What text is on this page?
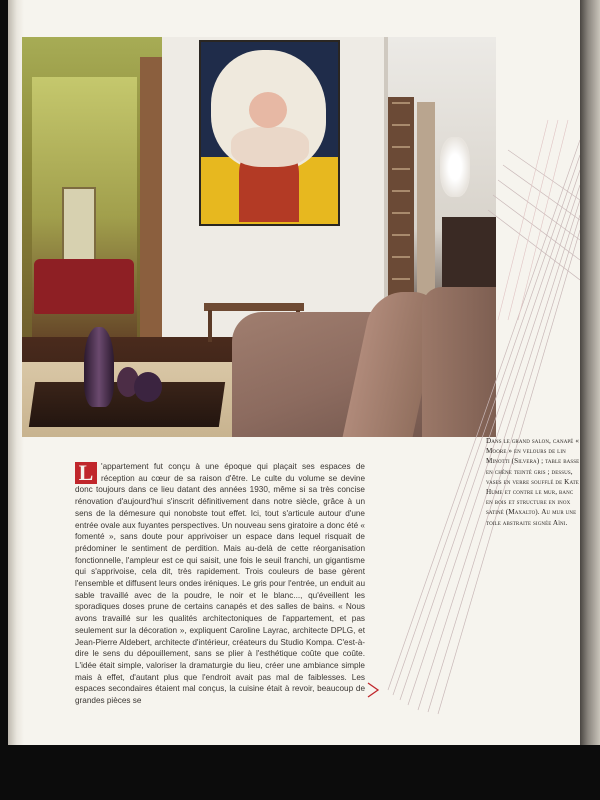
Dans le grand salon, canapé « Moore » en velours de lin Minotti (Silvera) ; table basse en chêne teinté gris ; dessus, vases en verre soufflé de Kate Hume et contre le mur, banc en bois et structure en inox satiné (Maxalto). Au mur une toile abstraite signée Aïni.
L 'appartement fut conçu à une époque qui plaçait ses espaces de réception au cœur de sa raison d'être. Le culte du volume se devine donc toujours dans ce lieu datant des années 1930, même si sa très concise rénovation d'aujourd'hui s'inscrit définitivement dans notre siècle, grâce à un sens de la démesure qui nonobste tout effet. Ici, tout s'articule autour d'une entrée ovale aux fuyantes perspectives. Un nouveau sens giratoire a donc été « fomenté », sans doute pour apprivoiser un espace dans lequel risquait de prédominer le sentiment de perdition. Mais au-delà de cette réorganisation fonctionnelle, l'ampleur est ce qui saisit, une fois le seuil franchi, un gigantisme qui s'apprivoise, cela dit, très rapidement. Trois couleurs de base gèrent l'ensemble et diffusent leurs ondes iréniques. Le gris pour l'entrée, un enduit au sable travaillé avec de la poudre, le noir et le blanc..., qu'éveillent les sporadiques doses prune de certains canapés et des salles de bains. « Nous avons travaillé sur les qualités architectoniques de l'appartement, et pas seulement sur la décoration », expliquent Caroline Layrac, architecte DPLG, et Jean-Pierre Aldebert, architecte d'intérieur, créateurs du Studio Kompa. C'est-à-dire le sens du dépouillement, sans se plier à l'esthétique coûte que coûte. L'idée était simple, valoriser la dramaturgie du lieu, créer une ambiance simple mais à effet, d'autant plus que l'endroit avait pas mal de faiblesses. Les espaces secondaires étaient mal conçus, la cuisine était à revoir, beaucoup de grandes pièces se
